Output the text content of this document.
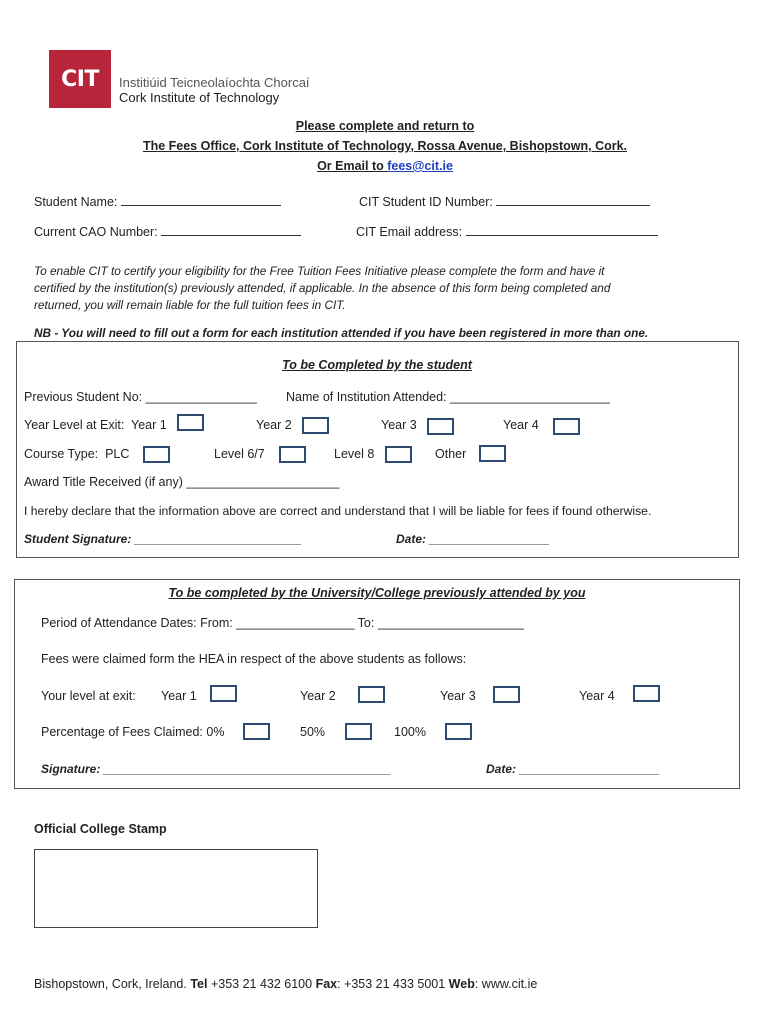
CIT	Institiúid Teicneolaíochta Chorcaí
Cork Institute of Technology
Please complete and return to
The Fees Office, Cork Institute of Technology, Rossa Avenue, Bishopstown, Cork.
Or Email to fees@cit.ie
Student Name:	CIT Student ID Number:
Current CAO Number:	CIT Email address:
To enable CIT to certify your eligibility for the Free Tuition Fees Initiative please complete the form and have it
certified by the institution(s) previously attended, if applicable. In the absence of this form being completed and
returned, you will remain liable for the full tuition fees in CIT.
NB - You will need to fill out a form for each institution attended if you have been registered in more than one.
To be Completed by the student
Previous Student No: ________________ Name of Institution Attended: _______________________
Year Level at Exit: Year 1	Year 2	Year 3	Year 4
Course Type: PLC	Level 6/7	Level 8	Other
Award Title Received (if any) ______________________
I hereby declare that the information above are correct and understand that I will be liable for fees if found otherwise.
Student Signature: _________________________	Date: __________________
To be completed by the University/College previously attended by you
Period of Attendance Dates: From: _________________ To: _____________________
Fees were claimed form the HEA in respect of the above students as follows:
Your level at exit: Year 1	Year 2	Year 3	Year 4
Percentage of Fees Claimed: 0%	50%	100%
Signature: ___________________________________________	Date: _____________________
Official College Stamp
Bishopstown, Cork, Ireland. Tel +353 21 432 6100 Fax: +353 21 433 5001 Web: www.cit.ie
